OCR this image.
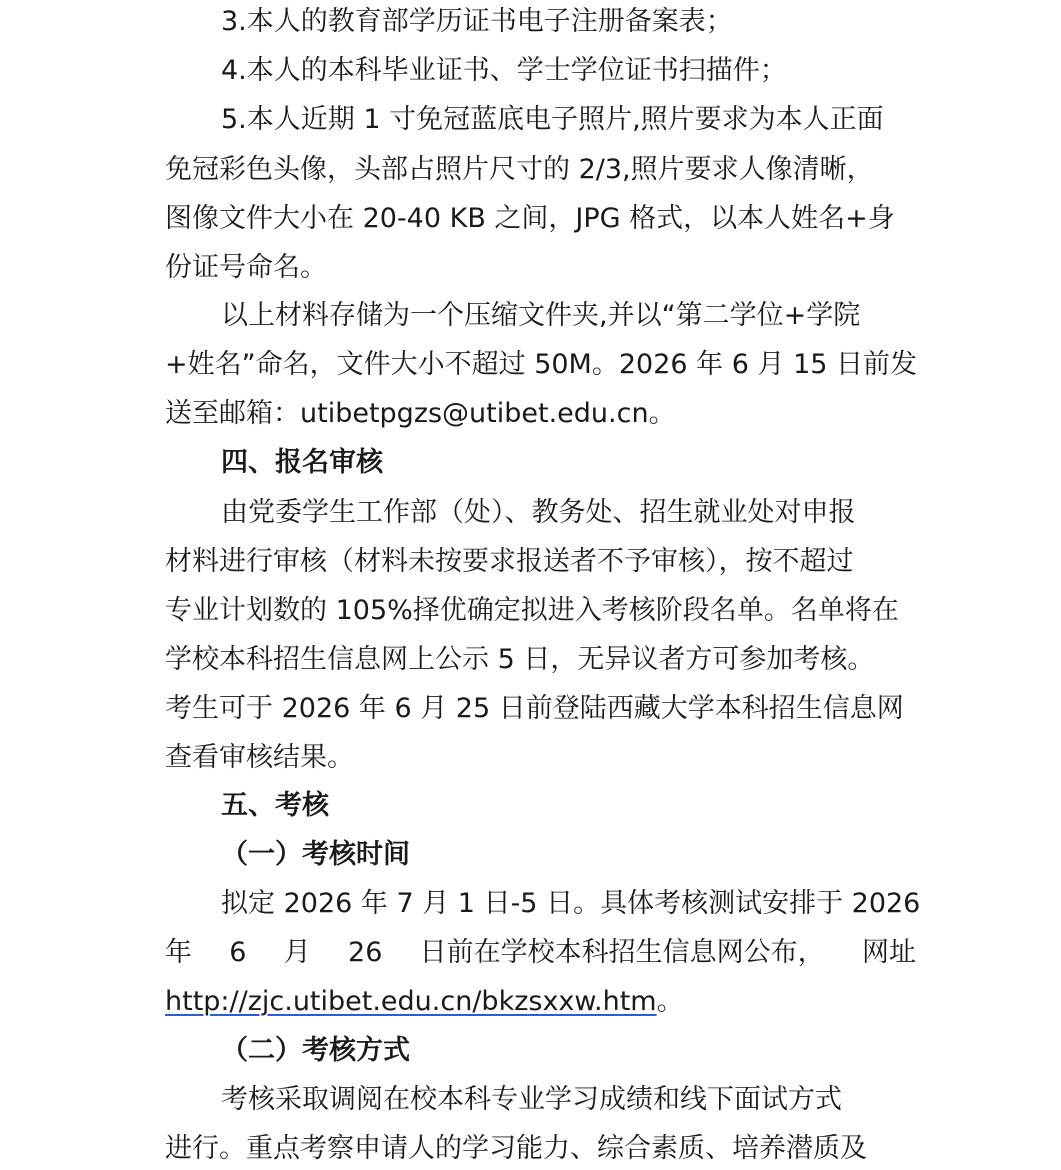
3.本人的教育部学历证书电子注册备案表；
4.本人的本科毕业证书、学士学位证书扫描件；
5.本人近期 1 寸免冠蓝底电子照片,照片要求为本人正面
免冠彩色头像，头部占照片尺寸的 2/3,照片要求人像清晰，
图像文件大小在 20-40 KB 之间，JPG 格式，以本人姓名+身
份证号命名。
以上材料存储为一个压缩文件夹,并以“第二学位+学院
+姓名”命名，文件大小不超过 50M。2026 年 6 月 15 日前发
送至邮箱：utibetpgzs@utibet.edu.cn。
四、报名审核
由党委学生工作部（处）、教务处、招生就业处对申报
材料进行审核（材料未按要求报送者不予审核），按不超过
专业计划数的 105%择优确定拟进入考核阶段名单。名单将在
学校本科招生信息网上公示 5 日，无异议者方可参加考核。
考生可于 2026 年 6 月 25 日前登陆西藏大学本科招生信息网
查看审核结果。
五、考核
（一）考核时间
拟定 2026 年 7 月 1 日-5 日。具体考核测试安排于 2026
年 6 月 26 日前在学校本科招生信息网公布， 网址
http://zjc.utibet.edu.cn/bkzsxxw.htm。
（二）考核方式
考核采取调阅在校本科专业学习成绩和线下面试方式
进行。重点考察申请人的学习能力、综合素质、培养潜质及
